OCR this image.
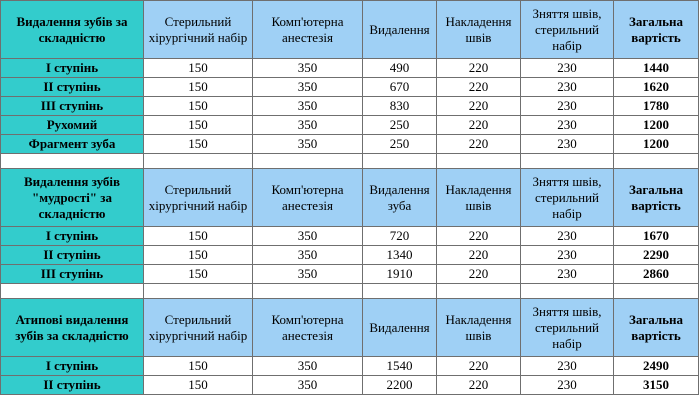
Видалення зубів за складністю	Стерильний хірургічний набір	Комп'ютерна анестезія	Видалення	Накладення швів	Зняття швів, стерильний набір	Загальна вартість
І ступінь	150	350	490	220	230	1440
ІІ ступінь	150	350	670	220	230	1620
ІІІ ступінь	150	350	830	220	230	1780
Рухомий	150	350	250	220	230	1200
Фрагмент зуба	150	350	250	220	230	1200

Видалення зубів "мудрості" за складністю	Стерильний хірургічний набір	Комп'ютерна анестезія	Видалення зуба	Накладення швів	Зняття швів, стерильний набір	Загальна вартість
І ступінь	150	350	720	220	230	1670
ІІ ступінь	150	350	1340	220	230	2290
ІІІ ступінь	150	350	1910	220	230	2860

Атипові видалення зубів за складністю	Стерильний хірургічний набір	Комп'ютерна анестезія	Видалення	Накладення швів	Зняття швів, стерильний набір	Загальна вартість
І ступінь	150	350	1540	220	230	2490
ІІ ступінь	150	350	2200	220	230	3150
